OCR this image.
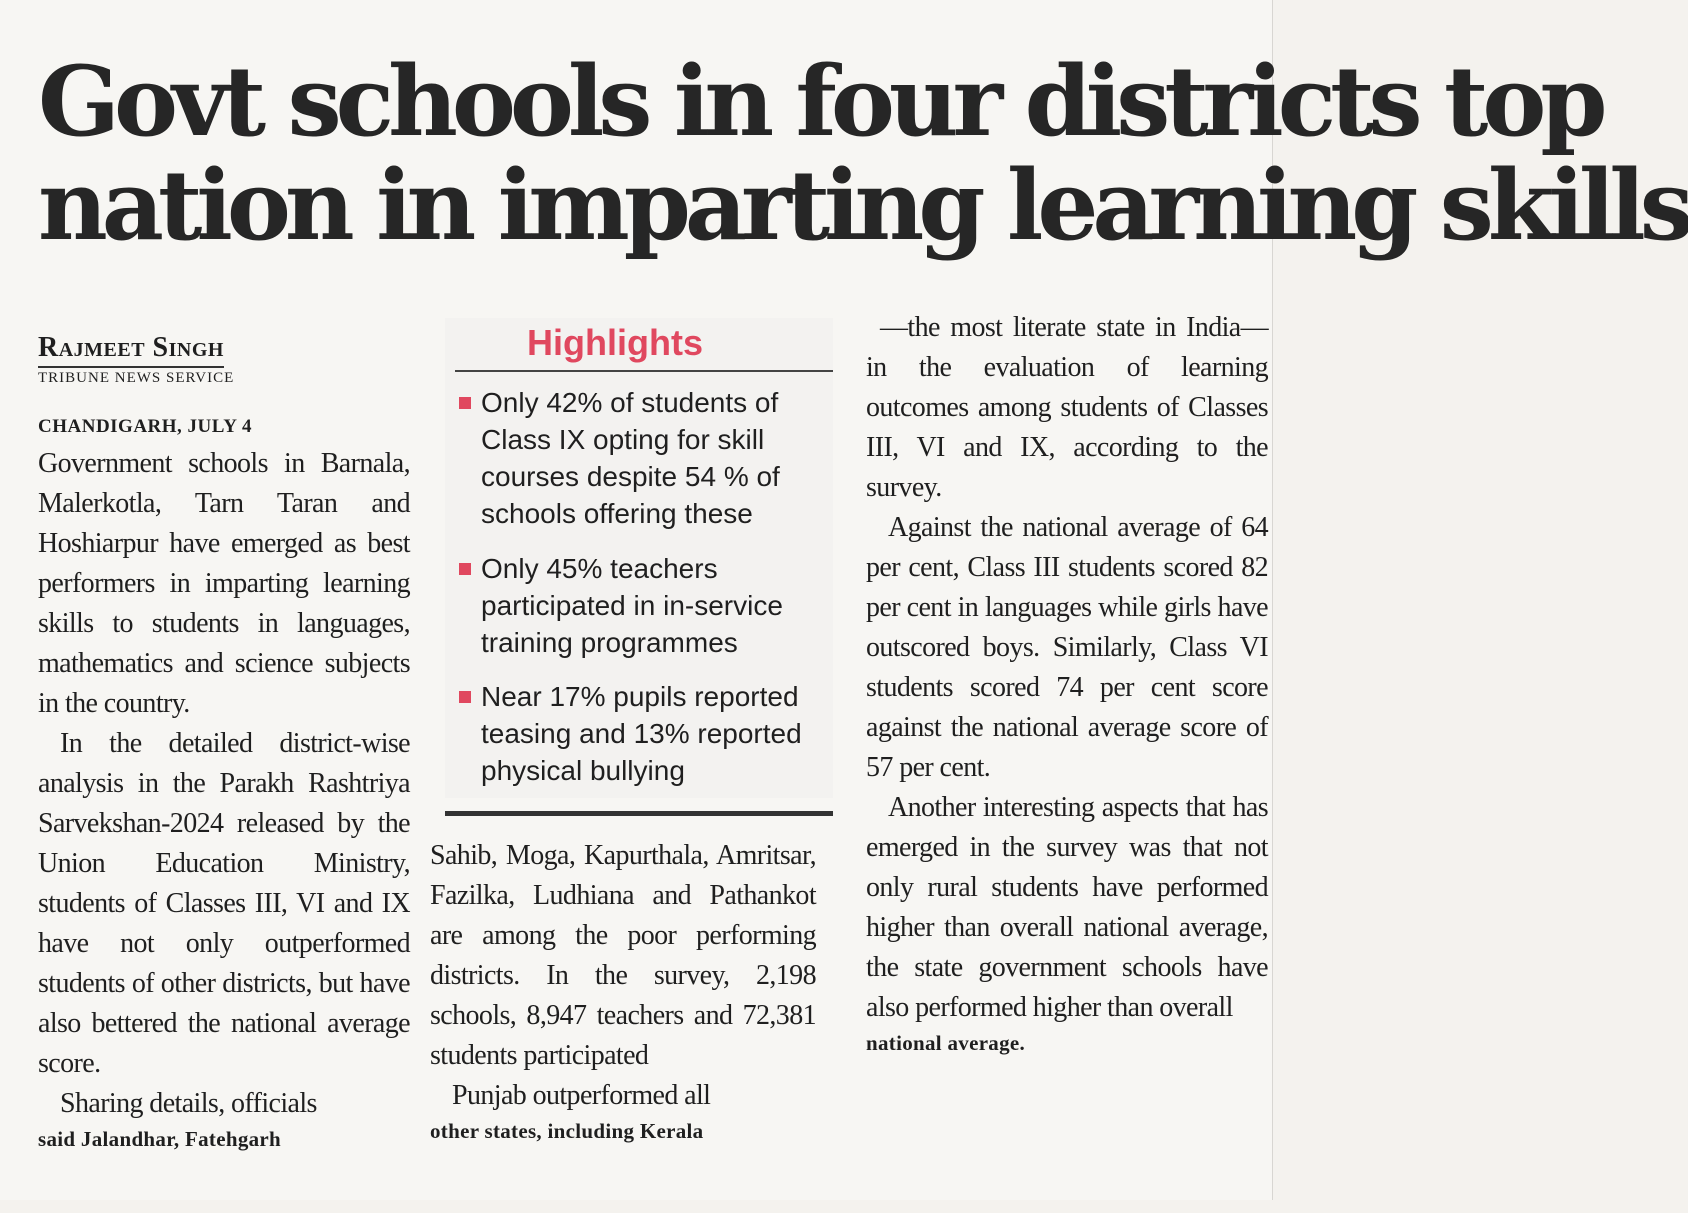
Govt schools in four districts top
nation in imparting learning skills
Rajmeet Singh
TRIBUNE NEWS SERVICE
CHANDIGARH, JULY 4

Government schools in Barnala, Malerkotla, Tarn Taran and Hoshiarpur have emerged as best performers in imparting learning skills to students in languages, mathematics and science subjects in the country.

In the detailed district-wise analysis in the Parakh Rashtriya Sarvekshan-2024 released by the Union Education Ministry, students of Classes III, VI and IX have not only outperformed students of other districts, but have also bettered the national average score.

Sharing details, officials

said Jalandhar, Fatehgarh

Highlights
Only 42% of students of Class IX opting for skill courses despite 54 % of schools offering these
Only 45% teachers participated in in-service training programmes
Near 17% pupils reported teasing and 13% reported physical bullying

Sahib, Moga, Kapurthala, Amritsar, Fazilka, Ludhiana and Pathankot are among the poor performing districts. In the survey, 2,198 schools, 8,947 teachers and 72,381 students participated

Punjab outperformed all

other states, including Kerala

—the most literate state in India— in the evaluation of learning outcomes among students of Classes III, VI and IX, according to the survey.

Against the national average of 64 per cent, Class III students scored 82 per cent in languages while girls have outscored boys. Similarly, Class VI students scored 74 per cent score against the national average score of 57 per cent.

Another interesting aspects that has emerged in the survey was that not only rural students have performed higher than overall national average, the state government schools have also performed higher than overall

national average.
